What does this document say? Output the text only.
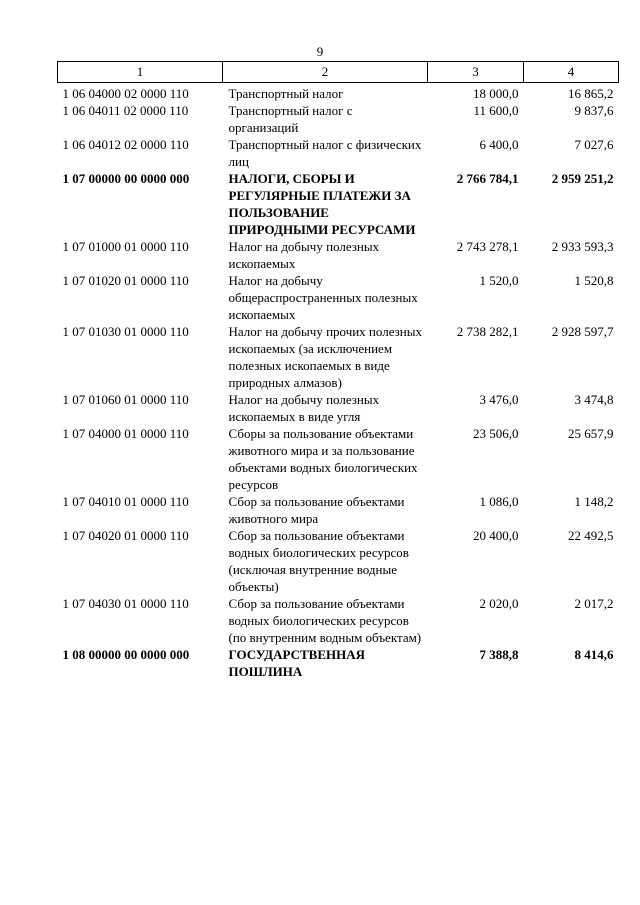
9
1	2	3	4
1 06 04000 02 0000 110	Транспортный налог	18 000,0	16 865,2
1 06 04011 02 0000 110	Транспортный налог с организаций	11 600,0	9 837,6
1 06 04012 02 0000 110	Транспортный налог с физических лиц	6 400,0	7 027,6
1 07 00000 00 0000 000	НАЛОГИ, СБОРЫ И РЕГУЛЯРНЫЕ ПЛАТЕЖИ ЗА ПОЛЬЗОВАНИЕ ПРИРОДНЫМИ РЕСУРСАМИ	2 766 784,1	2 959 251,2
1 07 01000 01 0000 110	Налог на добычу полезных ископаемых	2 743 278,1	2 933 593,3
1 07 01020 01 0000 110	Налог на добычу общераспространенных полезных ископаемых	1 520,0	1 520,8
1 07 01030 01 0000 110	Налог на добычу прочих полезных ископаемых (за исключением полезных ископаемых в виде природных алмазов)	2 738 282,1	2 928 597,7
1 07 01060 01 0000 110	Налог на добычу полезных ископаемых в виде угля	3 476,0	3 474,8
1 07 04000 01 0000 110	Сборы за пользование объектами животного мира и за пользование объектами водных биологических ресурсов	23 506,0	25 657,9
1 07 04010 01 0000 110	Сбор за пользование объектами животного мира	1 086,0	1 148,2
1 07 04020 01 0000 110	Сбор за пользование объектами водных биологических ресурсов (исключая внутренние водные объекты)	20 400,0	22 492,5
1 07 04030 01 0000 110	Сбор за пользование объектами водных биологических ресурсов (по внутренним водным объектам)	2 020,0	2 017,2
1 08 00000 00 0000 000	ГОСУДАРСТВЕННАЯ ПОШЛИНА	7 388,8	8 414,6
